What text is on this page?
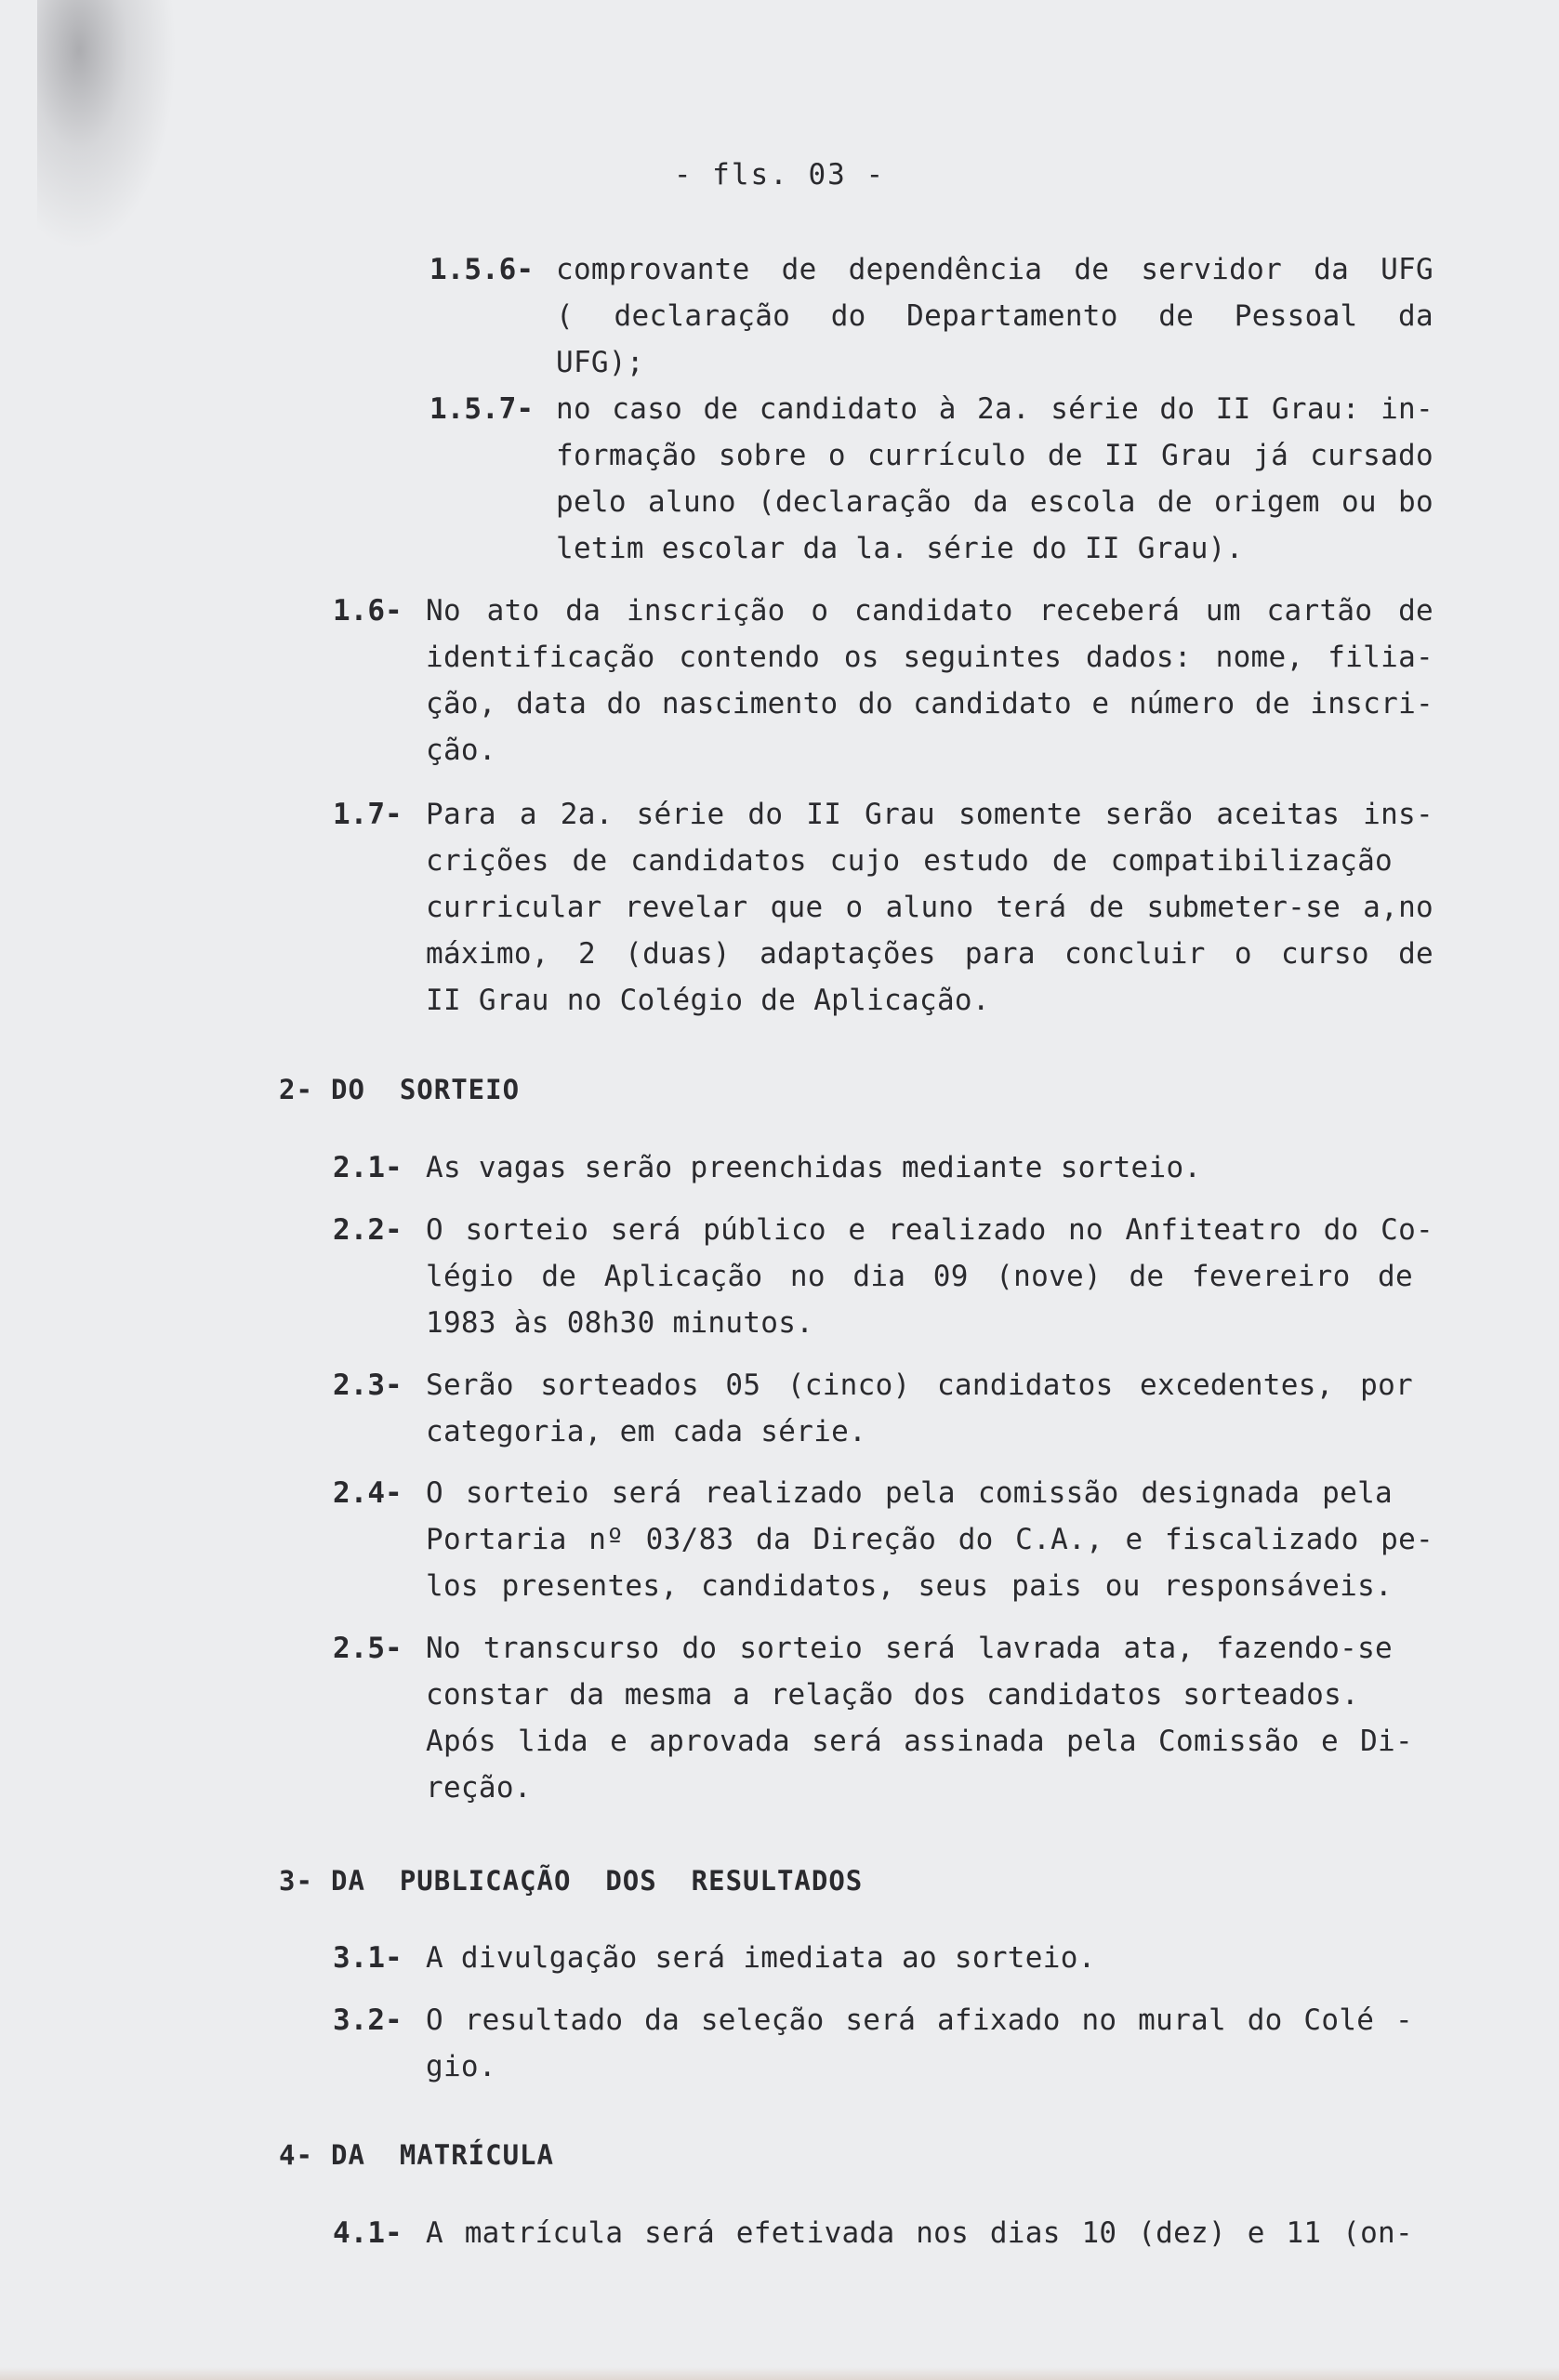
- fls. 03 -
1.5.6- comprovante de dependência de servidor da UFG
( declaração do Departamento de Pessoal da
UFG);
1.5.7- no caso de candidato à 2a. série do II Grau: in-
formação sobre o currículo de II Grau já cursado
pelo aluno (declaração da escola de origem ou bo
letim escolar da la. série do II Grau).
1.6- No ato da inscrição o candidato receberá um cartão de
identificação contendo os seguintes dados: nome, filia-
ção, data do nascimento do candidato e número de inscri-
ção.
1.7- Para a 2a. série do II Grau somente serão aceitas ins-
crições de candidatos cujo estudo de compatibilização
curricular revelar que o aluno terá de submeter-se a,no
máximo, 2 (duas) adaptações para concluir o curso de
II Grau no Colégio de Aplicação.
2- DO  SORTEIO
2.1- As vagas serão preenchidas mediante sorteio.
2.2- O sorteio será público e realizado no Anfiteatro do Co-
légio de Aplicação no dia 09 (nove) de fevereiro de
1983 às 08h30 minutos.
2.3- Serão sorteados 05 (cinco) candidatos excedentes, por
categoria, em cada série.
2.4- O sorteio será realizado pela comissão designada pela
Portaria nº 03/83 da Direção do C.A., e fiscalizado pe-
los presentes, candidatos, seus pais ou responsáveis.
2.5- No transcurso do sorteio será lavrada ata, fazendo-se
constar da mesma a relação dos candidatos sorteados.
Após lida e aprovada será assinada pela Comissão e Di-
reção.
3- DA  PUBLICAÇÃO  DOS  RESULTADOS
3.1- A divulgação será imediata ao sorteio.
3.2- O resultado da seleção será afixado no mural do Colé -
gio.
4- DA  MATRÍCULA
4.1- A matrícula será efetivada nos dias 10 (dez) e 11 (on-
